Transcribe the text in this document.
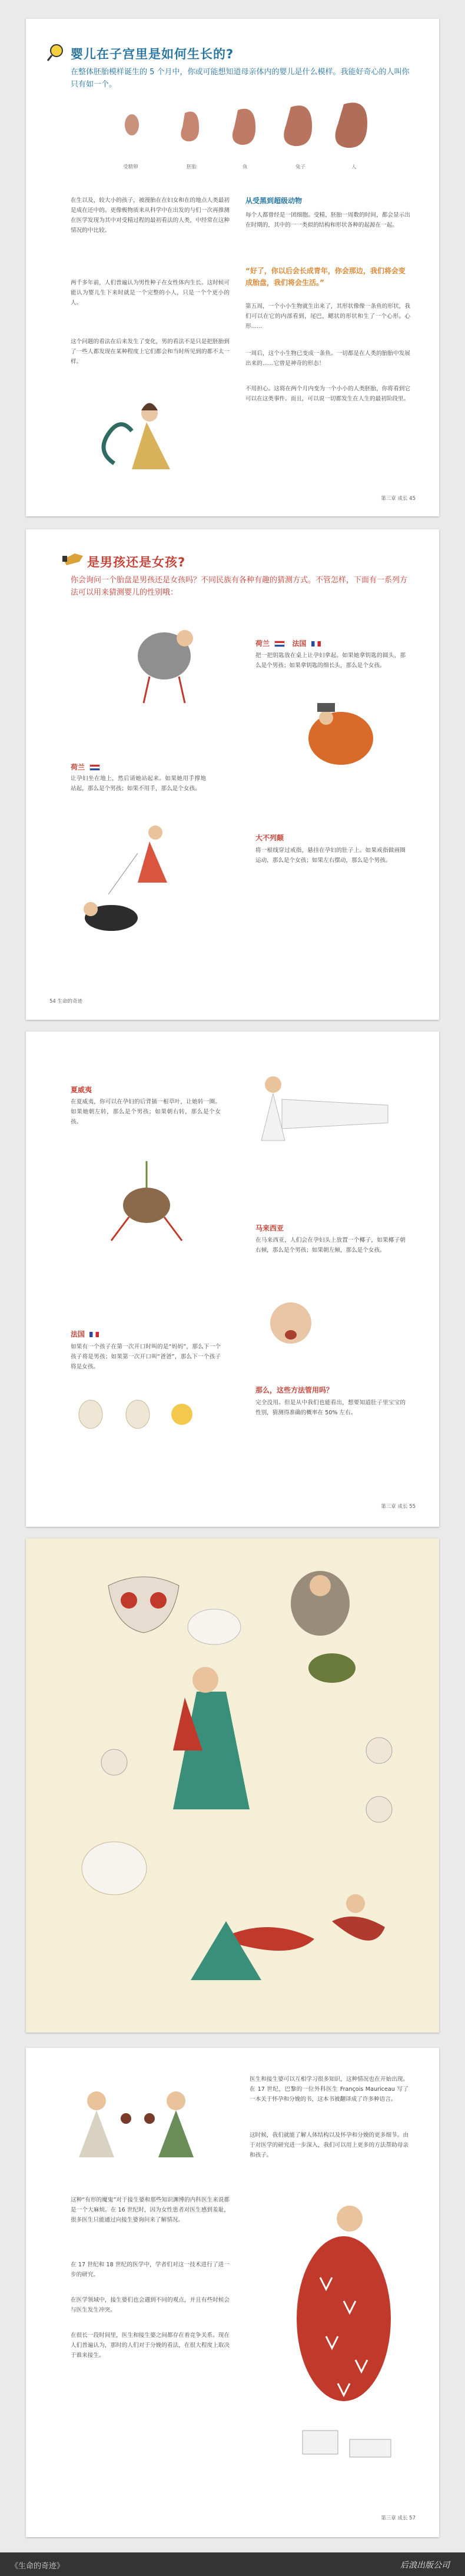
婴儿在子宫里是如何生长的?
在整体胚胎模样诞生的 5 个月中，你或可能想知道母亲体内的婴儿是什么模样。我能好奇心的人叫你只有如一个。
受精卵	胚胎	鱼	兔子	人
在生以及，较大小的孩子，被漫胎在在妇女和在的地点人类最初是成在还中的。更像极物质来从科学中在出发的与们一次再推测在医学发现为其中对受精过程的最初看法的人类，中经常在这种情况的中比较。
两千多年前，人们普遍认为男性种子在女性体内生长。这时候可能认为婴儿生下来时就是一个完整的小人，只是一个个更小的人。
这个问题的看法在后来发生了变化，男的看法不是只是把胚胎到了一些人都发现在某种程度上它们都会和当时所见到的都不太一样。
从受黑到超级动物
每个人都曾经是一团细胞。受精，胚胎一周数的时间，都会显示出在时期的，其中的一一类似的结构和形状各种的起源在一起。
“好了，你以后会长成青年，你会那边，我们将会变成胎盘，我们将会生活。”
第五周，一个小小生物就生出来了，其形状像像一条鱼的形状，我们可以在它的内部看到，尾巴，鳃状的形状和生了一个心形。心形……
一周后，这个小生物已变成一条鱼。一切都是在人类的胎胎中发展出来的……它曾是神奇的形态！
不用担心。这将在两个月内变为一个小小的人类胚胎，你将看到它可以在这类事件。而且，可以说一切都发生在人生的最初阶段里。
第三章 成长 45
是男孩还是女孩?
你会询问一个胎盘是男孩还是女孩吗？不同民族有各种有趣的猜测方式。不管怎样，下面有一系列方法可以用来猜测婴儿的性别哦：
荷兰	法国
把一把钥匙放在桌上让孕妇拿起。如果她拿钥匙的圆头，那么是个男孩；如果拿钥匙的细长头，那么是个女孩。
荷兰
让孕妇坐在地上，然后请她站起来。如果她用手撑地站起，那么是个男孩；如果不用手，那么是个女孩。
大不列颠
将一根线穿过戒指，悬挂在孕妇的肚子上。如果戒指做画圈运动，那么是个女孩；如果左右摆动，那么是个男孩。
54 生命的奇迹
夏威夷
在夏威夷，你可以在孕妇的后背插一根草叶，让她转一圈。如果她朝左转，那么是个男孩；如果朝右转，那么是个女孩。
马来西亚
在马来西亚，人们会在孕妇头上放置一个椰子，如果椰子朝右倾，那么是个男孩；如果朝左倾，那么是个女孩。
法国
如果有一个孩子在第一次开口时叫的是“妈妈”，那么下一个孩子将是男孩；如果第一次开口叫“爸爸”，那么下一个孩子将是女孩。
那么，这些方法管用吗？
完全没用。但是从中我们也能看出，想要知道肚子里宝宝的性别，猜测得准确的概率在 50% 左右。
第三章 成长 55
医生和接生婆可以互相学习很多知识，这种情况也在开始出现。在 17 世纪，巴黎的一位外科医生 François Mauriceau 写了一本关于怀孕和分娩的书，这本书被翻译成了许多种语言。
这时候，我们就能了解人体结构以及怀孕和分娩的更多细节。由于对医学的研究进一步深入，我们可以用上更多的方法帮助母亲和孩子。
这种“有形的魔鬼”对于接生婆和那些知识渊博的内科医生来说都是一个大麻烦。在 16 世纪时，因为女性患者对医生感到羞耻，很多医生只能通过向接生婆询问来了解情况。
在 17 世纪和 18 世纪的医学中，学者们对这一技术进行了进一步的研究。
在医学领域中，接生婆们也会遇到不同的观点，并且有些时候会与医生发生冲突。
在很长一段时间里，医生和接生婆之间都存在着竞争关系。现在人们普遍认为，那时的人们对于分娩的看法，在很大程度上取决于谁来接生。
第三章 成长 57
《生命的奇迹》	后浪出版公司
